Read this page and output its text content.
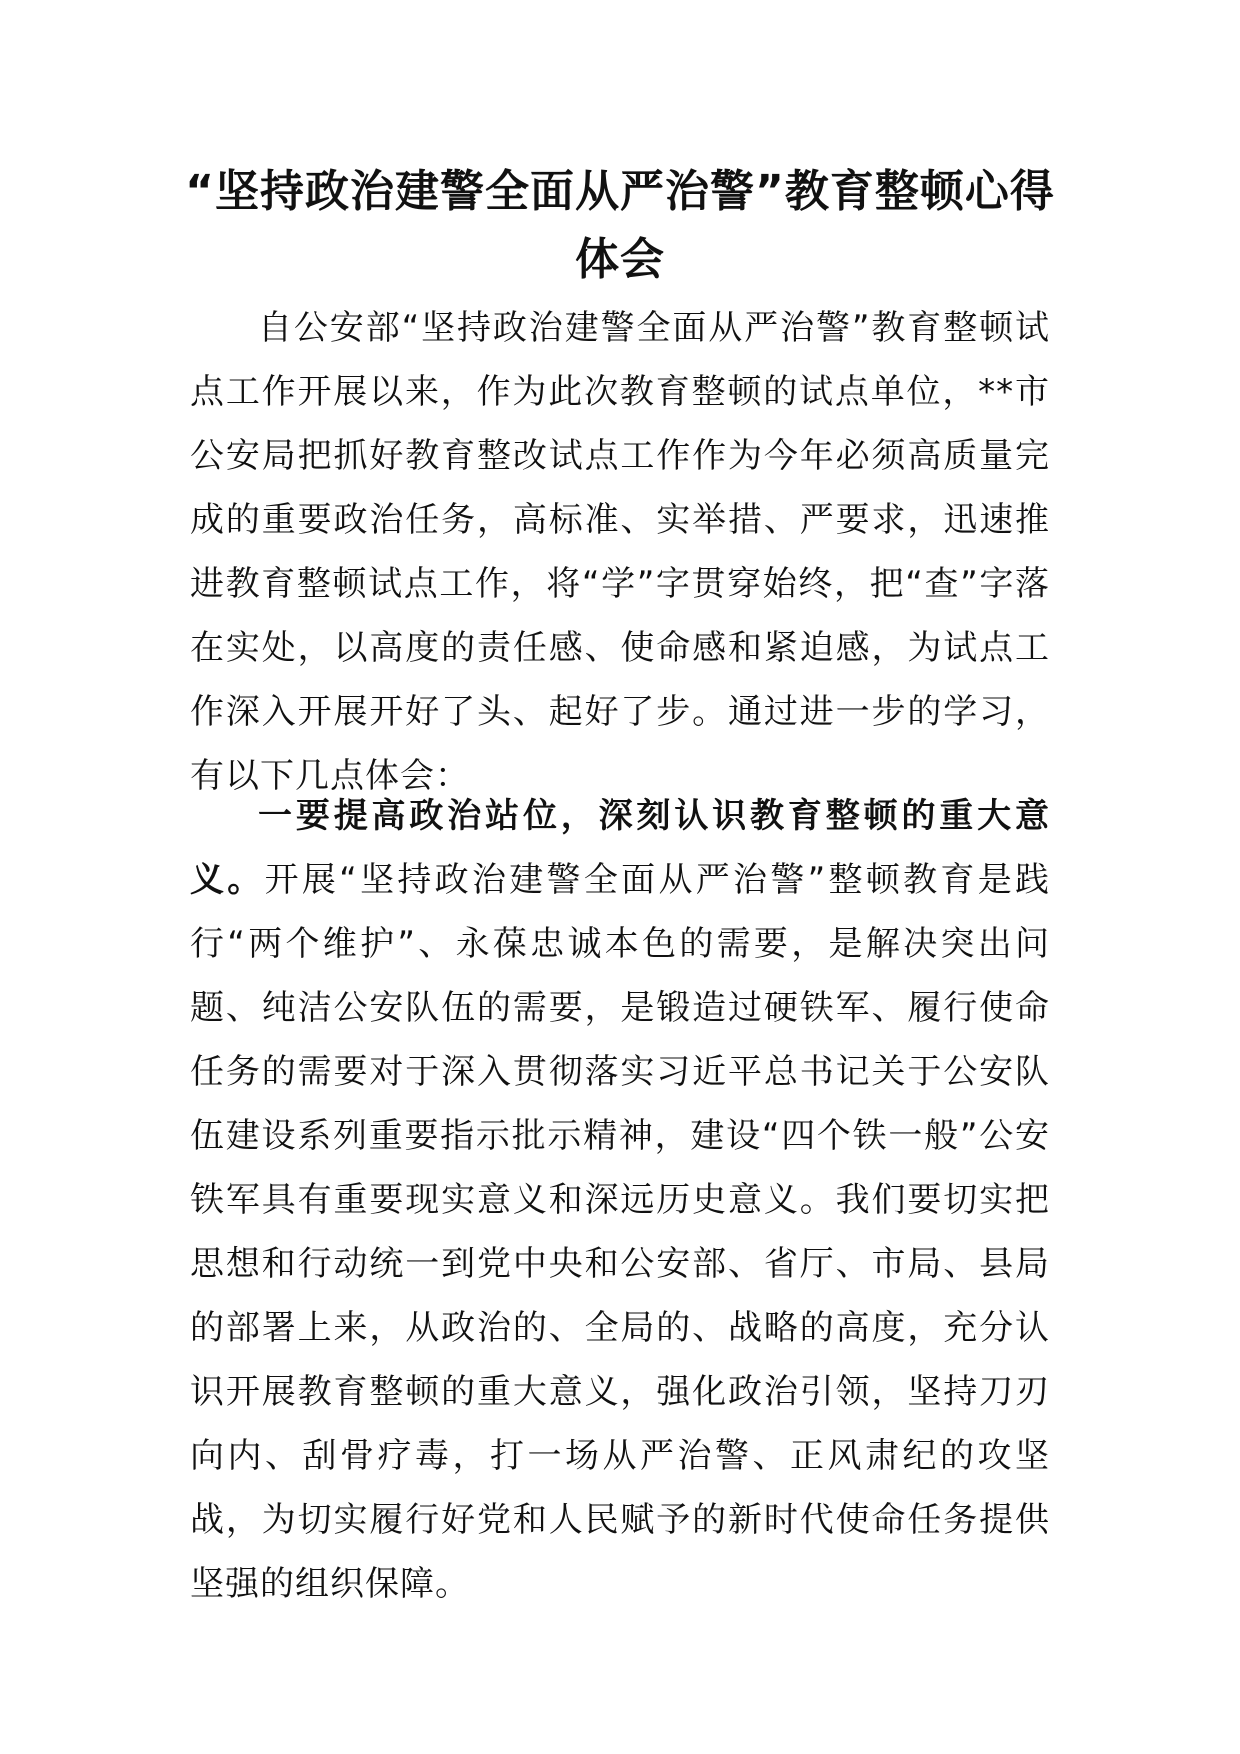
“坚持政治建警全面从严治警”教育整顿心得体会

自公安部“坚持政治建警全面从严治警”教育整顿试点工作开展以来，作为此次教育整顿的试点单位，**市公安局把抓好教育整改试点工作作为今年必须高质量完成的重要政治任务，高标准、实举措、严要求，迅速推进教育整顿试点工作，将“学”字贯穿始终，把“查”字落在实处，以高度的责任感、使命感和紧迫感，为试点工作深入开展开好了头、起好了步。通过进一步的学习，有以下几点体会：

一要提高政治站位，深刻认识教育整顿的重大意义。开展“坚持政治建警全面从严治警”整顿教育是践行“两个维护”、永葆忠诚本色的需要，是解决突出问题、纯洁公安队伍的需要，是锻造过硬铁军、履行使命任务的需要对于深入贯彻落实习近平总书记关于公安队伍建设系列重要指示批示精神，建设“四个铁一般”公安铁军具有重要现实意义和深远历史意义。我们要切实把思想和行动统一到党中央和公安部、省厅、市局、县局的部署上来，从政治的、全局的、战略的高度，充分认识开展教育整顿的重大意义，强化政治引领，坚持刀刃向内、刮骨疗毒，打一场从严治警、正风肃纪的攻坚战，为切实履行好党和人民赋予的新时代使命任务提供坚强的组织保障。
